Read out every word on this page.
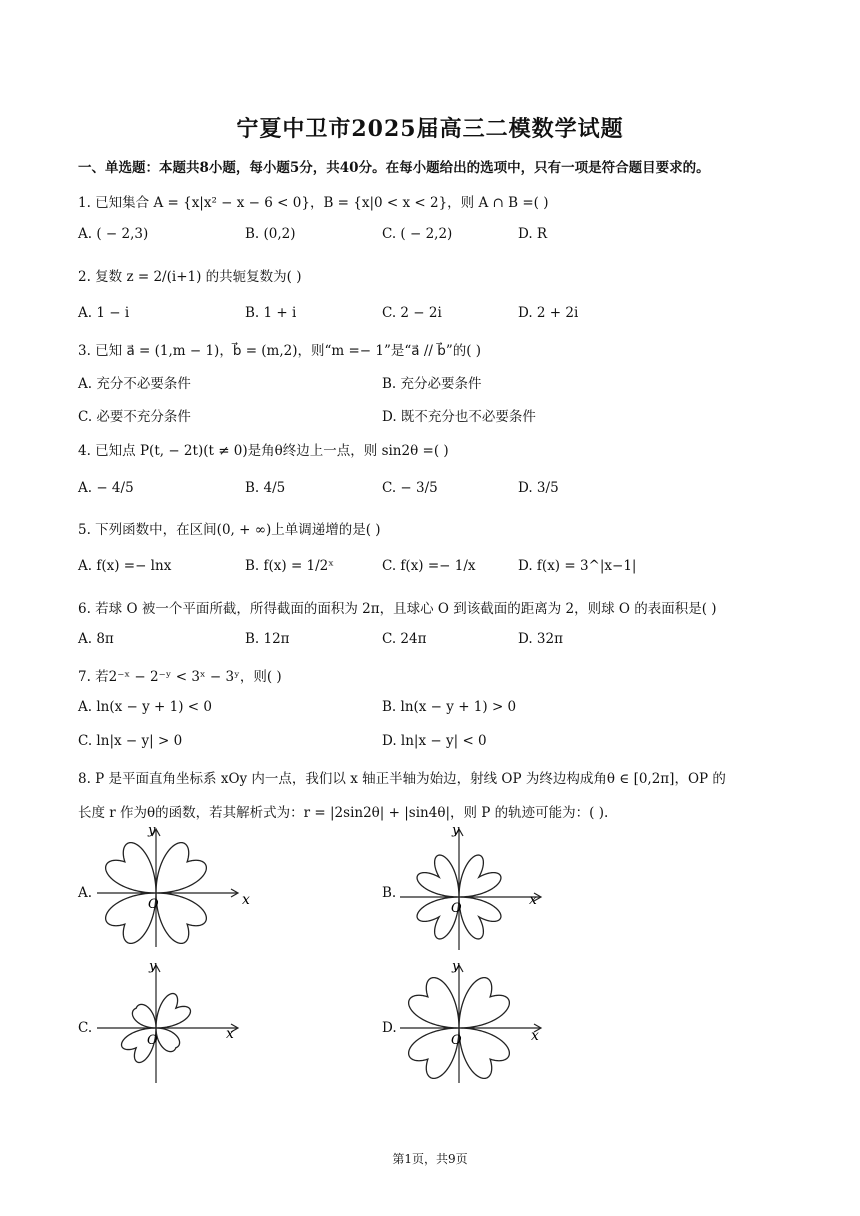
宁夏中卫市2025届高三二模数学试题
一、单选题：本题共8小题，每小题5分，共40分。在每小题给出的选项中，只有一项是符合题目要求的。
1. 已知集合 A = {x|x² − x − 6 < 0}，B = {x|0 < x < 2}，则 A ∩ B =( )
A. ( − 2,3)	B. (0,2)	C. ( − 2,2)	D. R
2. 复数 z = 2/(i+1) 的共轭复数为( )
A. 1 − i	B. 1 + i	C. 2 − 2i	D. 2 + 2i
3. 已知 a⃗ = (1,m − 1)，b⃗ = (m,2)，则“m =− 1”是“a⃗ // b⃗”的( )
A. 充分不必要条件	B. 充分必要条件
C. 必要不充分条件	D. 既不充分也不必要条件
4. 已知点 P(t, − 2t)(t ≠ 0)是角θ终边上一点，则 sin2θ =( )
A. − 4/5	B. 4/5	C. − 3/5	D. 3/5
5. 下列函数中，在区间(0, + ∞)上单调递增的是( )
A. f(x) =− lnx	B. f(x) = 1/2ˣ	C. f(x) =− 1/x	D. f(x) = 3^|x−1|
6. 若球 O 被一个平面所截，所得截面的面积为 2π，且球心 O 到该截面的距离为 2，则球 O 的表面积是( )
A. 8π	B. 12π	C. 24π	D. 32π
7. 若2⁻ˣ − 2⁻ʸ < 3ˣ − 3ʸ，则( )
A. ln(x − y + 1) < 0	B. ln(x − y + 1) > 0
C. ln|x − y| > 0	D. ln|x − y| < 0
8. P 是平面直角坐标系 xOy 内一点，我们以 x 轴正半轴为始边，射线 OP 为终边构成角θ ∈ [0,2π]，OP 的
长度 r 作为θ的函数，若其解析式为：r = |2sin2θ| + |sin4θ|，则 P 的轨迹可能为：( ).
A.	B.
C.	D.
x
y
O	x
y
O
x
y
O	x
y
O
第1页，共9页
